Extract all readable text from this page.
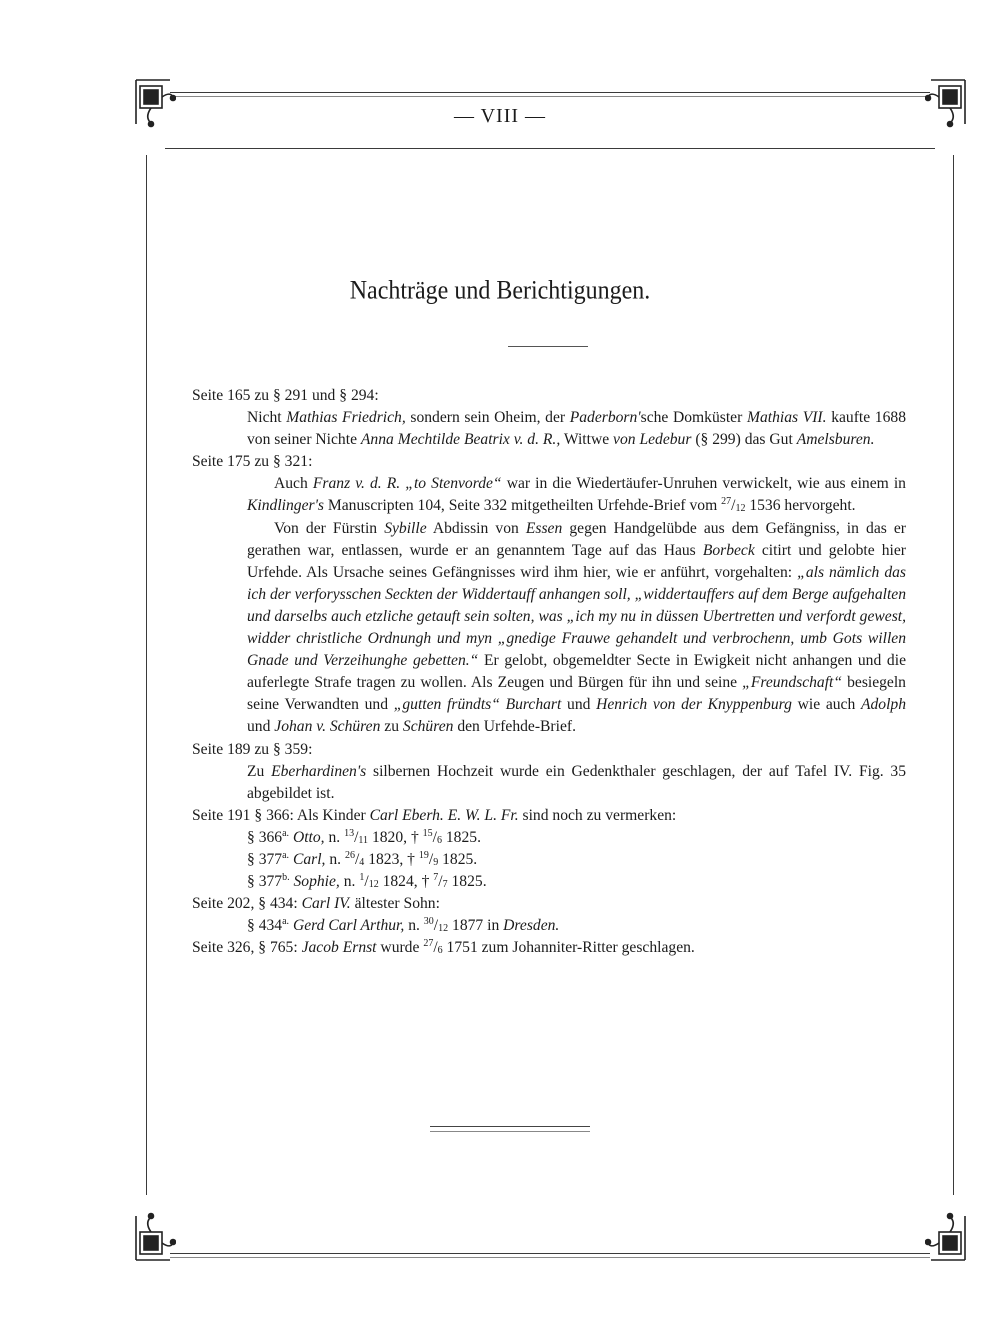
— VIII —
Nachträge und Berichtigungen.
Seite 165 zu § 291 und § 294:
Nicht Mathias Friedrich, sondern sein Oheim, der Paderborn'sche Domküster Mathias VII. kaufte 1688 von seiner Nichte Anna Mechtilde Beatrix v. d. R., Wittwe von Ledebur (§ 299) das Gut Amelsburen.
Seite 175 zu § 321:
Auch Franz v. d. R. „to Stenvorde“ war in die Wiedertäufer-Unruhen verwickelt, wie aus einem in Kindlinger's Manuscripten 104, Seite 332 mitgetheilten Urfehde-Brief vom $^{27}/_{12}$ 1536 hervorgeht.
Von der Fürstin Sybille Abdissin von Essen gegen Handgelübde aus dem Gefängniss, in das er gerathen war, entlassen, wurde er an genanntem Tage auf das Haus Borbeck citirt und gelobte hier Urfehde. Als Ursache seines Gefängnisses wird ihm hier, wie er anführt, vorgehalten: „als nämlich das ich der verforysschen Seckten der Widdertauff anhangen soll, „widdertauffers auf dem Berge aufgehalten und darselbs auch etzliche getauft sein solten, was „ich my nu in düssen Ubertretten und verfordt gewest, widder christliche Ordnungh und myn „gnedige Frauwe gehandelt und verbrochenn, umb Gots willen Gnade und Verzeihunghe gebetten.“ Er gelobt, obgemeldter Secte in Ewigkeit nicht anhangen und die auferlegte Strafe tragen zu wollen. Als Zeugen und Bürgen für ihn und seine „Freundschaft“ besiegeln seine Verwandten und „gutten fründts“ Burchart und Henrich von der Knyppenburg wie auch Adolph und Johan v. Schüren zu Schüren den Urfehde-Brief.
Seite 189 zu § 359:
Zu Eberhardinen's silbernen Hochzeit wurde ein Gedenkthaler geschlagen, der auf Tafel IV. Fig. 35 abgebildet ist.
Seite 191 § 366: Als Kinder Carl Eberh. E. W. L. Fr. sind noch zu vermerken:
§ $366^{a.}$ Otto, n. $^{13}/_{11}$ 1820, † $^{15}/_6$ 1825.
§ $377^{a.}$ Carl, n. $^{26}/_4$ 1823, † $^{19}/_9$ 1825.
§ $377^{b.}$ Sophie, n. $^1/_{12}$ 1824, † $^7/_7$ 1825.
Seite 202, § 434: Carl IV. ältester Sohn:
§ $434^{a.}$ Gerd Carl Arthur, n. $^{30}/_{12}$ 1877 in Dresden.
Seite 326, § 765: Jacob Ernst wurde $^{27}/_6$ 1751 zum Johanniter-Ritter geschlagen.
